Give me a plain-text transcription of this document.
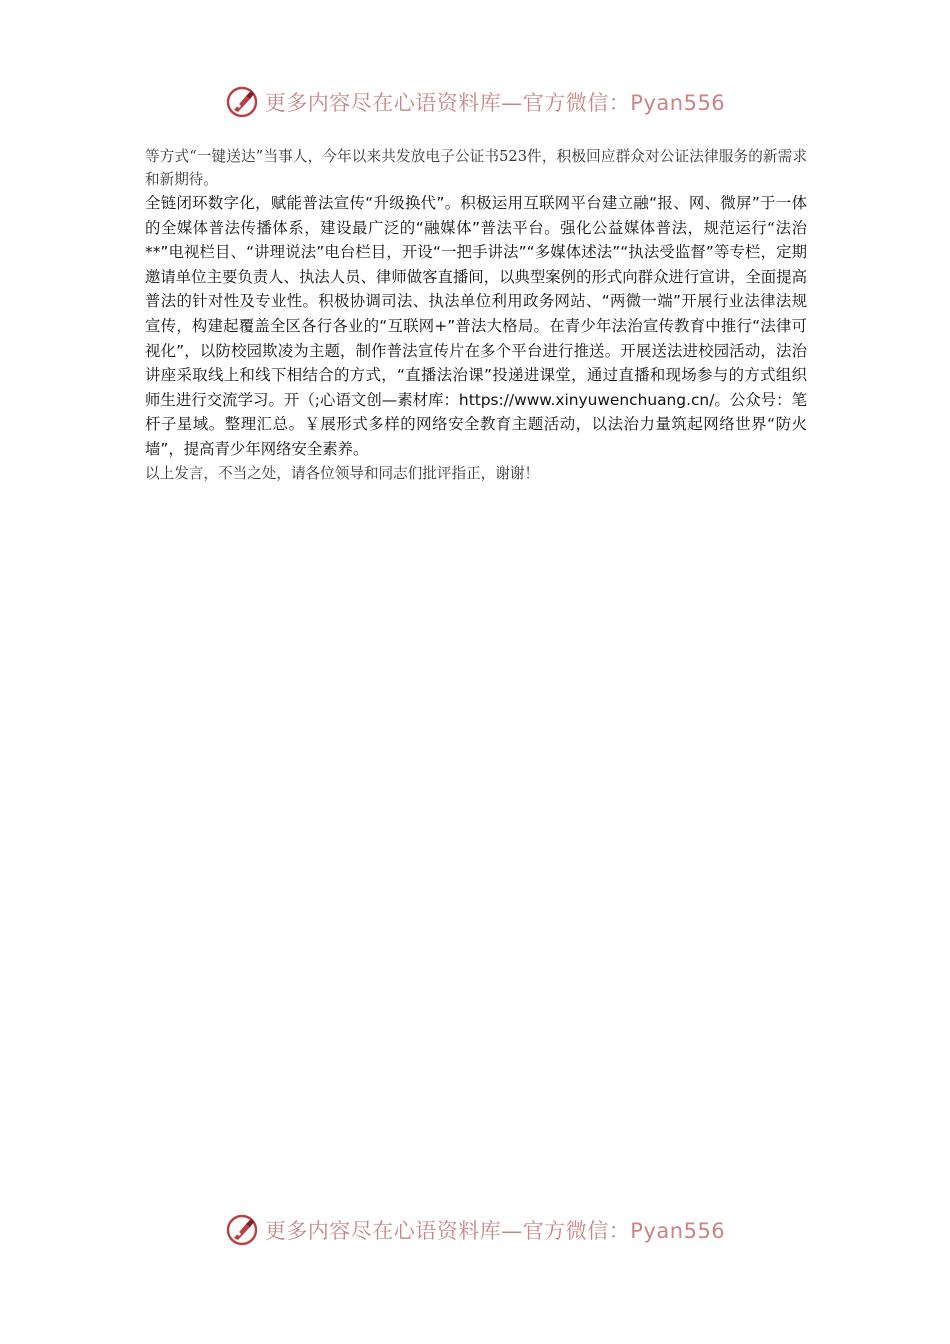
更多内容尽在心语资料库—官方微信：Pyan556

等方式“一键送达”当事人，今年以来共发放电子公证书523件，积极回应群众对公证法律服务的新需求和新期待。

全链闭环数字化，赋能普法宣传“升级换代”。积极运用互联网平台建立融“报、网、微屏”于一体的全媒体普法传播体系，建设最广泛的“融媒体”普法平台。强化公益媒体普法，规范运行“法治**”电视栏目、“讲理说法”电台栏目，开设“一把手讲法”“多媒体述法”“执法受监督”等专栏，定期邀请单位主要负责人、执法人员、律师做客直播间，以典型案例的形式向群众进行宣讲，全面提高普法的针对性及专业性。积极协调司法、执法单位利用政务网站、“两微一端”开展行业法律法规宣传，构建起覆盖全区各行各业的“互联网+”普法大格局。在青少年法治宣传教育中推行“法律可视化”，以防校园欺凌为主题，制作普法宣传片在多个平台进行推送。开展送法进校园活动，法治讲座采取线上和线下相结合的方式，“直播法治课”投递进课堂，通过直播和现场参与的方式组织师生进行交流学习。开（;心语文创—素材库：https://www.xinyuwenchuang.cn/。公众号：笔杆子星域。整理汇总。￥展形式多样的网络安全教育主题活动，以法治力量筑起网络世界“防火墙”，提高青少年网络安全素养。

以上发言，不当之处，请各位领导和同志们批评指正，谢谢！

更多内容尽在心语资料库—官方微信：Pyan556
